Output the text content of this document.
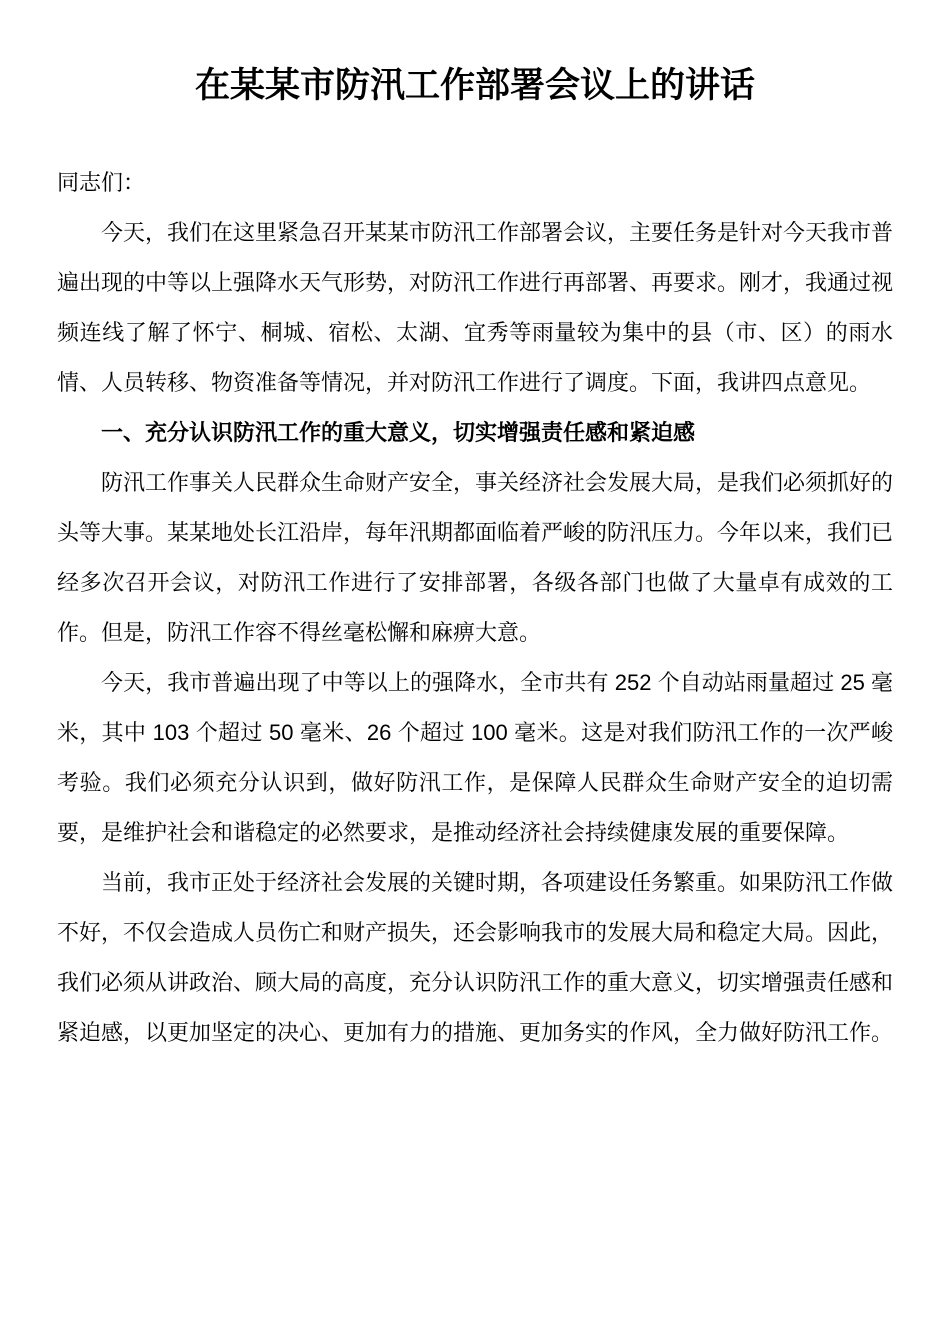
在某某市防汛工作部署会议上的讲话

同志们：

今天，我们在这里紧急召开某某市防汛工作部署会议，主要任务是针对今天我市普遍出现的中等以上强降水天气形势，对防汛工作进行再部署、再要求。刚才，我通过视频连线了解了怀宁、桐城、宿松、太湖、宜秀等雨量较为集中的县（市、区）的雨水情、人员转移、物资准备等情况，并对防汛工作进行了调度。下面，我讲四点意见。

一、充分认识防汛工作的重大意义，切实增强责任感和紧迫感

防汛工作事关人民群众生命财产安全，事关经济社会发展大局，是我们必须抓好的头等大事。某某地处长江沿岸，每年汛期都面临着严峻的防汛压力。今年以来，我们已经多次召开会议，对防汛工作进行了安排部署，各级各部门也做了大量卓有成效的工作。但是，防汛工作容不得丝毫松懈和麻痹大意。

今天，我市普遍出现了中等以上的强降水，全市共有 252 个自动站雨量超过 25 毫米，其中 103 个超过 50 毫米、26 个超过 100 毫米。这是对我们防汛工作的一次严峻考验。我们必须充分认识到，做好防汛工作，是保障人民群众生命财产安全的迫切需要，是维护社会和谐稳定的必然要求，是推动经济社会持续健康发展的重要保障。

当前，我市正处于经济社会发展的关键时期，各项建设任务繁重。如果防汛工作做不好，不仅会造成人员伤亡和财产损失，还会影响我市的发展大局和稳定大局。因此，我们必须从讲政治、顾大局的高度，充分认识防汛工作的重大意义，切实增强责任感和紧迫感，以更加坚定的决心、更加有力的措施、更加务实的作风，全力做好防汛工作。
